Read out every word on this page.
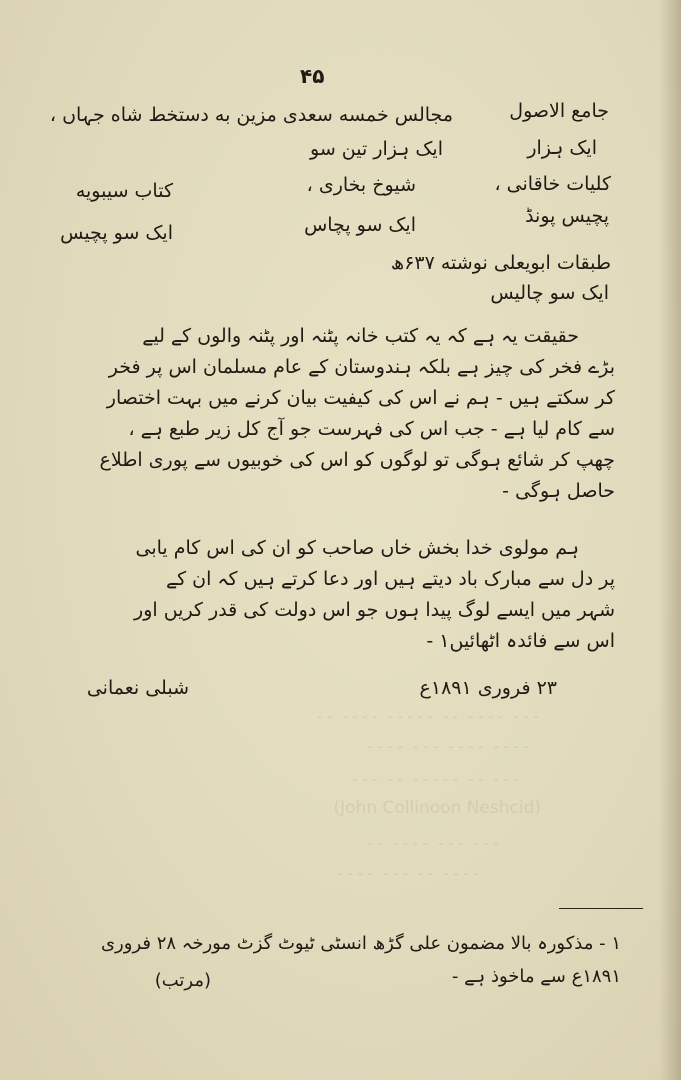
۴۵
جامع الاصول
مجالس خمسه سعدی مزین به دستخط شاه جہاں ،
ایک ہزار
ایک ہزار تین سو
کلیات خاقانی ،
شیوخ بخاری ،
کتاب سیبویه
پچیس پونڈ
ایک سو پچاس
ایک سو پچیس
طبقات ابویعلی نوشته ۶۳۷ھ
ایک سو چالیس
حقیقت یہ ہے کہ یہ کتب خانہ پٹنہ اور پٹنہ والوں کے لیے
بڑے فخر کی چیز ہے بلکہ ہندوستان کے عام مسلمان اس پر فخر
کر سکتے ہیں - ہم نے اس کی کیفیت بیان کرنے میں بہت اختصار
سے کام لیا ہے - جب اس کی فہرست جو آج کل زیر طبع ہے ،
چھپ کر شائع ہوگی تو لوگوں کو اس کی خوبیوں سے پوری اطلاع
حاصل ہوگی -
ہم مولوی خدا بخش خاں صاحب کو ان کی اس کام یابی
پر دل سے مبارک باد دیتے ہیں اور دعا کرتے ہیں کہ ان کے
شہر میں ایسے لوگ پیدا ہوں جو اس دولت کی قدر کریں اور
اس سے فائدہ اٹھائیں۱ -
۲۳ فروری ۱۸۹۱ع
شبلی نعمانی
۔۔۔ ۔۔۔۔ ۔۔ ۔۔۔۔۔ ۔۔۔۔ ۔۔
۔۔۔۔ ۔۔۔۔ ۔۔۔ ۔۔۔۔
۔۔۔ ۔۔ ۔۔۔۔۔ ۔۔ ۔۔۔
(John Collinoon Neshcid)
۔۔۔ ۔۔۔ ۔۔۔۔ ۔۔
۔۔۔۔ ۔۔ ۔۔۔ ۔۔۔۔
۱ - مذکورہ بالا مضمون علی گڑھ انسٹی ٹیوٹ گزٹ مورخہ ۲۸ فروری
۱۸۹۱ع سے ماخوذ ہے -
(مرتب)
